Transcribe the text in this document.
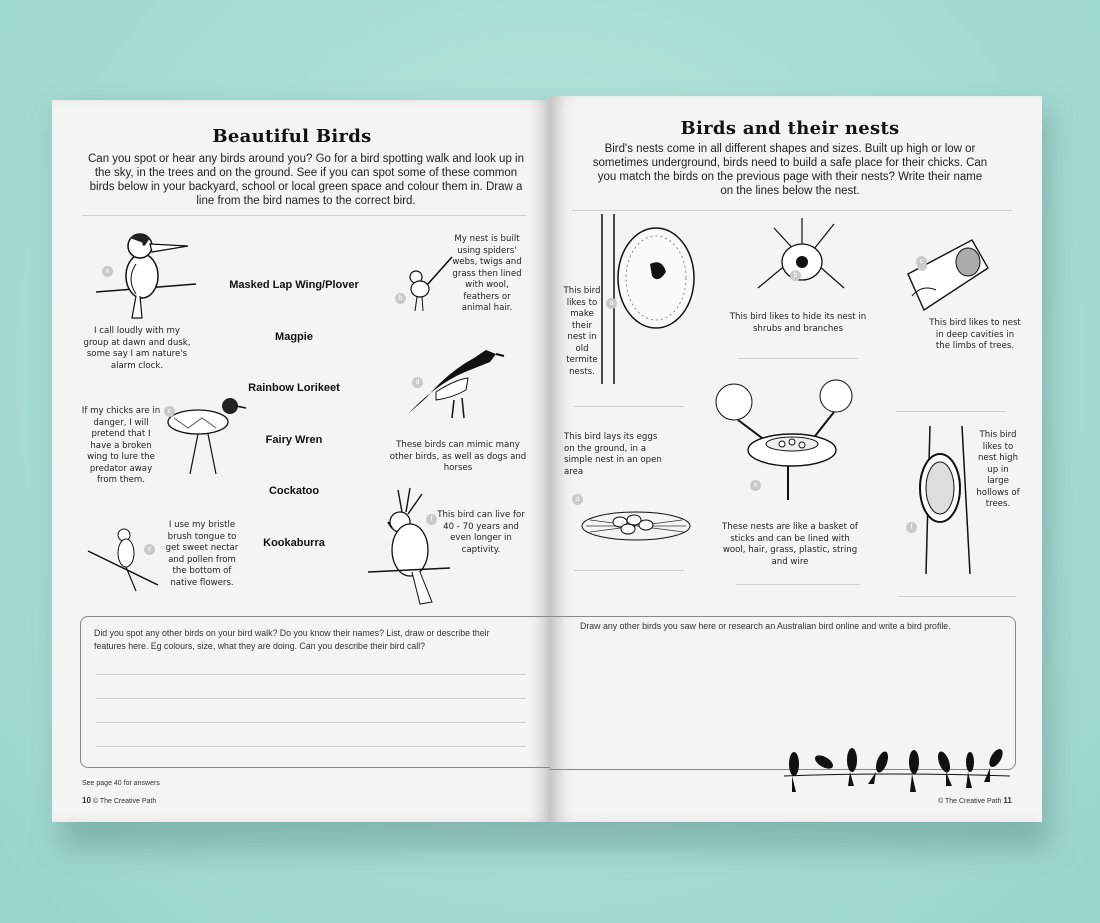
Beautiful Birds
Can you spot or hear any birds around you? Go for a bird spotting walk and look up in the sky, in the trees and on the ground. See if you can spot some of these common birds below in your backyard, school or local green space and colour them in. Draw a line from the bird names to the correct bird.
Masked Lap Wing/Plover
Magpie
Rainbow Lorikeet
Fairy Wren
Cockatoo
Kookaburra
a
I call loudly with my group at dawn and dusk, some say I am nature's alarm clock.
b
My nest is built using spiders' webs, twigs and grass then lined with wool, feathers or animal hair.
c
If my chicks are in danger, I will pretend that I have a broken wing to lure the predator away from them.
d
These birds can mimic many other birds, as well as dogs and horses
e
I use my bristle brush tongue to get sweet nectar and pollen from the bottom of native flowers.
f This bird can live for 40 - 70 years and even longer in captivity.
Did you spot any other birds on your bird walk? Do you know their names? List, draw or describe their features here. Eg colours, size, what they are doing. Can you describe their bird call?
See page 40 for answers
10 © The Creative Path
Birds and their nests
Bird's nests come in all different shapes and sizes. Built up high or low or sometimes underground, birds need to build a safe place for their chicks. Can you match the birds on the previous page with their nests? Write their name on the lines below the nest.
This bird likes to make their nest in old termite nests.
This bird likes to hide its nest in shrubs and branches
This bird likes to nest in deep cavities in the limbs of trees.
This bird lays its eggs on the ground, in a simple nest in an open area
d
e
These nests are like a basket of sticks and can be lined with wool, hair, grass, plastic, string and wire
f
This bird likes to nest high up in large hollows of trees.
a
b
c
Draw any other birds you saw here or research an Australian bird online and write a bird profile.
© The Creative Path 11
